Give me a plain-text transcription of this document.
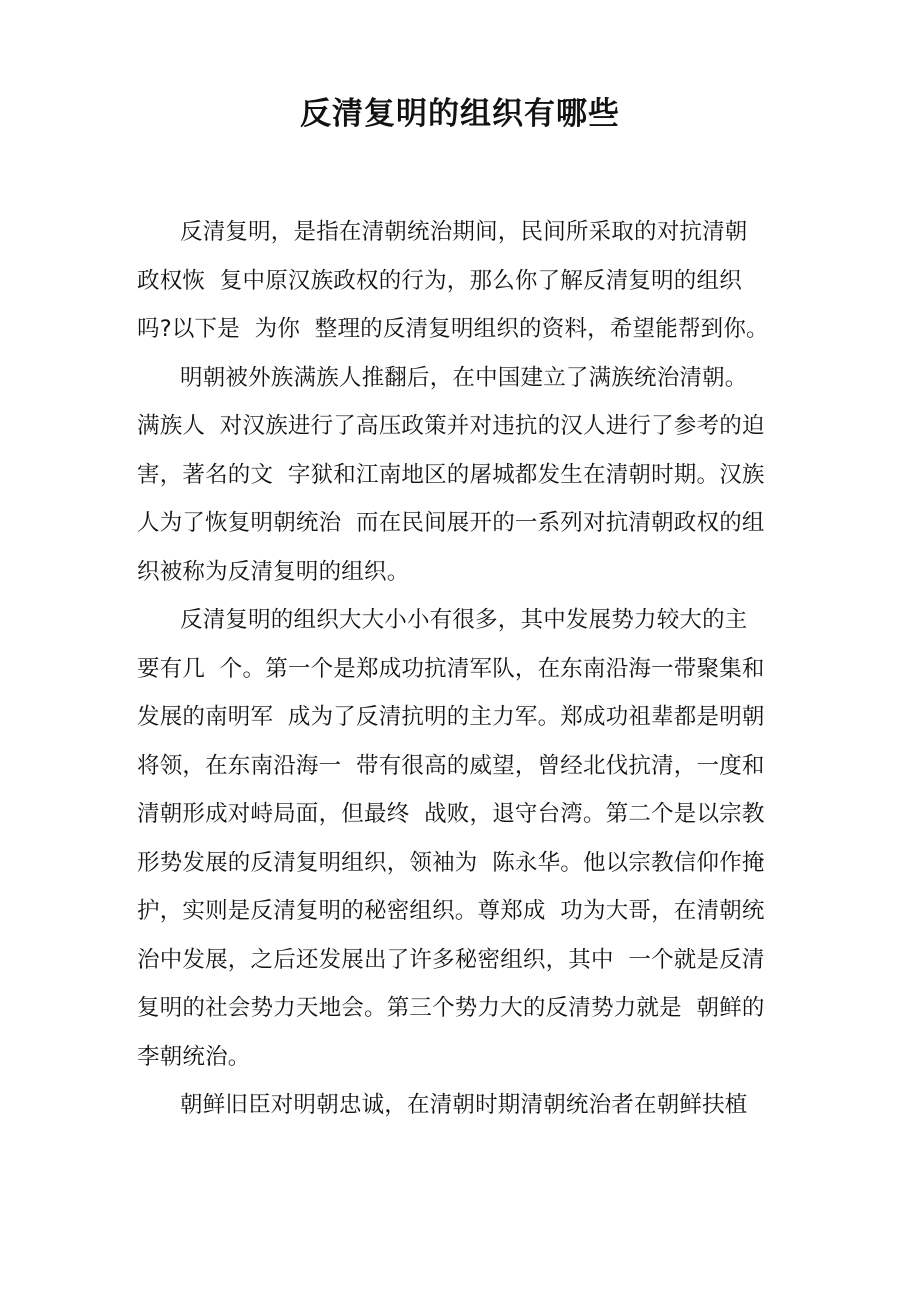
反清复明的组织有哪些
反清复明，是指在清朝统治期间，民间所采取的对抗清朝
政权恢  复中原汉族政权的行为，那么你了解反清复明的组织
吗?以下是  为你  整理的反清复明组织的资料，希望能帮到你。
明朝被外族满族人推翻后，在中国建立了满族统治清朝。
满族人  对汉族进行了高压政策并对违抗的汉人进行了参考的迫
害，著名的文  字狱和江南地区的屠城都发生在清朝时期。汉族
人为了恢复明朝统治  而在民间展开的一系列对抗清朝政权的组
织被称为反清复明的组织。
反清复明的组织大大小小有很多，其中发展势力较大的主
要有几  个。第一个是郑成功抗清军队，在东南沿海一带聚集和
发展的南明军  成为了反清抗明的主力军。郑成功祖辈都是明朝
将领，在东南沿海一  带有很高的威望，曾经北伐抗清，一度和
清朝形成对峙局面，但最终  战败，退守台湾。第二个是以宗教
形势发展的反清复明组织，领袖为  陈永华。他以宗教信仰作掩
护，实则是反清复明的秘密组织。尊郑成  功为大哥，在清朝统
治中发展，之后还发展出了许多秘密组织，其中  一个就是反清
复明的社会势力天地会。第三个势力大的反清势力就是  朝鲜的
李朝统治。
朝鲜旧臣对明朝忠诚，在清朝时期清朝统治者在朝鲜扶植
